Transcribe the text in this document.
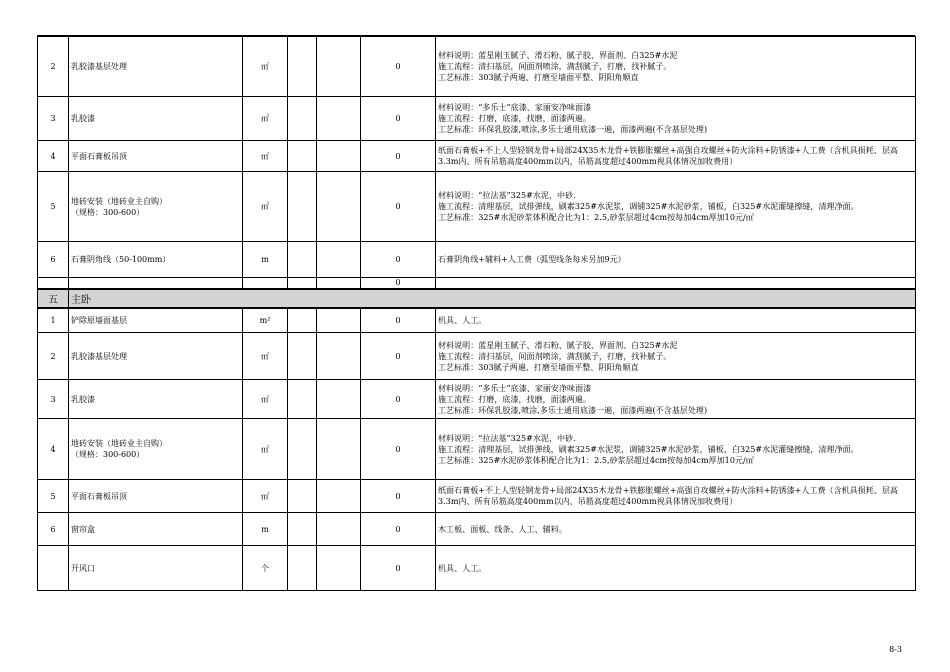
2	乳胶漆基层处理	㎡			0	材料说明：蓝星刚玉腻子、滑石粉、腻子胶、界面剂、白325#水泥
施工流程：清扫基层，间面剂喷涂，满刮腻子，打磨，找补腻子。
工艺标准：303腻子两遍、打磨至墙面平整、阴阳角顺直
3	乳胶漆	㎡			0	材料说明：“多乐士”底漆、家丽安净味面漆
施工流程：打磨，底漆，找磨，面漆两遍。
工艺标准：环保乳胶漆,喷涂,多乐士通用底漆一遍，面漆两遍(不含基层处理)
4	平面石膏板吊顶	㎡			0	纸面石膏板+不上人型轻钢龙骨+局部24X35木龙骨+铁膨胀螺丝+高强自攻螺丝+防火涂料+防锈漆+人工费（含机具损耗、层高3.3m内、所有吊筋高度400mm以内，吊筋高度超过400mm视具体情况加收费用）
5	地砖安装（地砖业主自购）
（规格：300-600）	㎡			0	材料说明：“拉法基”325#水泥，中砂.
施工流程：清理基层，试排弹线，刷素325#水泥浆，调铺325#水泥砂浆，铺板，白325#水泥灌缝擦缝，清理净面。
工艺标准：325#水泥砂浆体积配合比为1：2.5,砂浆层超过4cm按每加4cm厚加10元/㎡
6	石膏阴角线（50-100mm）	m			0	石膏阴角线+辅料+人工费（弧型线条每米另加9元）
					0	
五	主卧					
1	铲除原墙面基层	m²			0	机具、人工。
2	乳胶漆基层处理	㎡			0	材料说明：蓝星刚玉腻子、滑石粉、腻子胶、界面剂、白325#水泥
施工流程：清扫基层，间面剂喷涂，满刮腻子，打磨，找补腻子。
工艺标准：303腻子两遍、打磨至墙面平整、阴阳角顺直
3	乳胶漆	㎡			0	材料说明：“多乐士”底漆、家丽安净味面漆
施工流程：打磨，底漆，找磨，面漆两遍。
工艺标准：环保乳胶漆,喷涂,多乐士通用底漆一遍，面漆两遍(不含基层处理)
4	地砖安装（地砖业主自购）
（规格：300-600）	㎡			0	材料说明：“拉法基”325#水泥，中砂.
施工流程：清理基层，试排弹线，刷素325#水泥浆，调铺325#水泥砂浆，铺板，白325#水泥灌缝擦缝，清理净面。
工艺标准：325#水泥砂浆体积配合比为1：2.5,砂浆层超过4cm按每加4cm厚加10元/㎡
5	平面石膏板吊顶	㎡			0	纸面石膏板+不上人型轻钢龙骨+局部24X35木龙骨+铁膨胀螺丝+高强自攻螺丝+防火涂料+防锈漆+人工费（含机具损耗、层高3.3m内、所有吊筋高度400mm以内，吊筋高度超过400mm视具体情况加收费用）
6	窗帘盒	m			0	木工板、面板、线条、人工、辅料。
	开风口	个			0	机具、人工。
8-3
